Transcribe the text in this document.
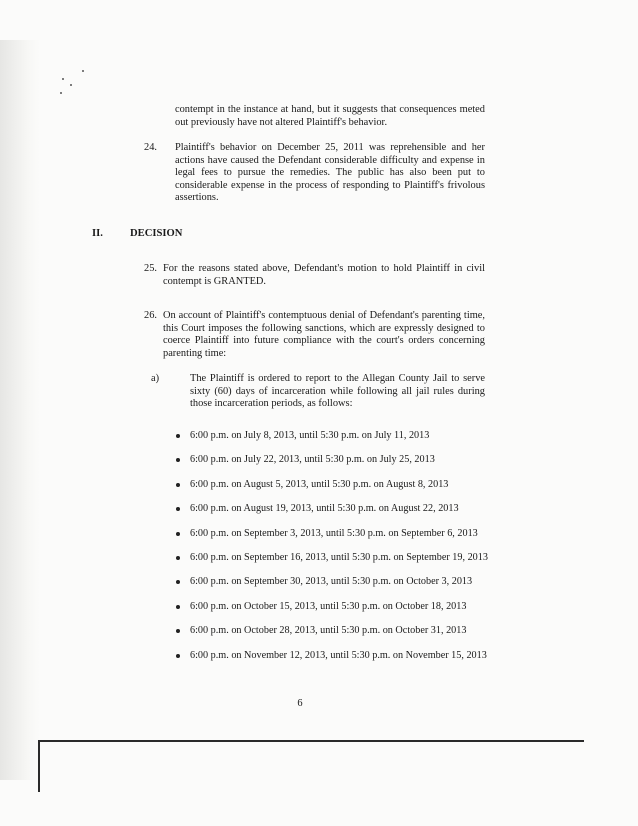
contempt in the instance at hand, but it suggests that consequences meted out previously have not altered Plaintiff's behavior.
24. Plaintiff's behavior on December 25, 2011 was reprehensible and her actions have caused the Defendant considerable difficulty and expense in legal fees to pursue the remedies. The public has also been put to considerable expense in the process of responding to Plaintiff's frivolous assertions.
II.	DECISION
25. For the reasons stated above, Defendant's motion to hold Plaintiff in civil contempt is GRANTED.
26. On account of Plaintiff's contemptuous denial of Defendant's parenting time, this Court imposes the following sanctions, which are expressly designed to coerce Plaintiff into future compliance with the court's orders concerning parenting time:
a)	The Plaintiff is ordered to report to the Allegan County Jail to serve sixty (60) days of incarceration while following all jail rules during those incarceration periods, as follows:
6:00 p.m. on July 8, 2013, until 5:30 p.m. on July 11, 2013
6:00 p.m. on July 22, 2013, until 5:30 p.m. on July 25, 2013
6:00 p.m. on August 5, 2013, until 5:30 p.m. on August 8, 2013
6:00 p.m. on August 19, 2013, until 5:30 p.m. on August 22, 2013
6:00 p.m. on September 3, 2013, until 5:30 p.m. on September 6, 2013
6:00 p.m. on September 16, 2013, until 5:30 p.m. on September 19, 2013
6:00 p.m. on September 30, 2013, until 5:30 p.m. on October 3, 2013
6:00 p.m. on October 15, 2013, until 5:30 p.m. on October 18, 2013
6:00 p.m. on October 28, 2013, until 5:30 p.m. on October 31, 2013
6:00 p.m. on November 12, 2013, until 5:30 p.m. on November 15, 2013
6
